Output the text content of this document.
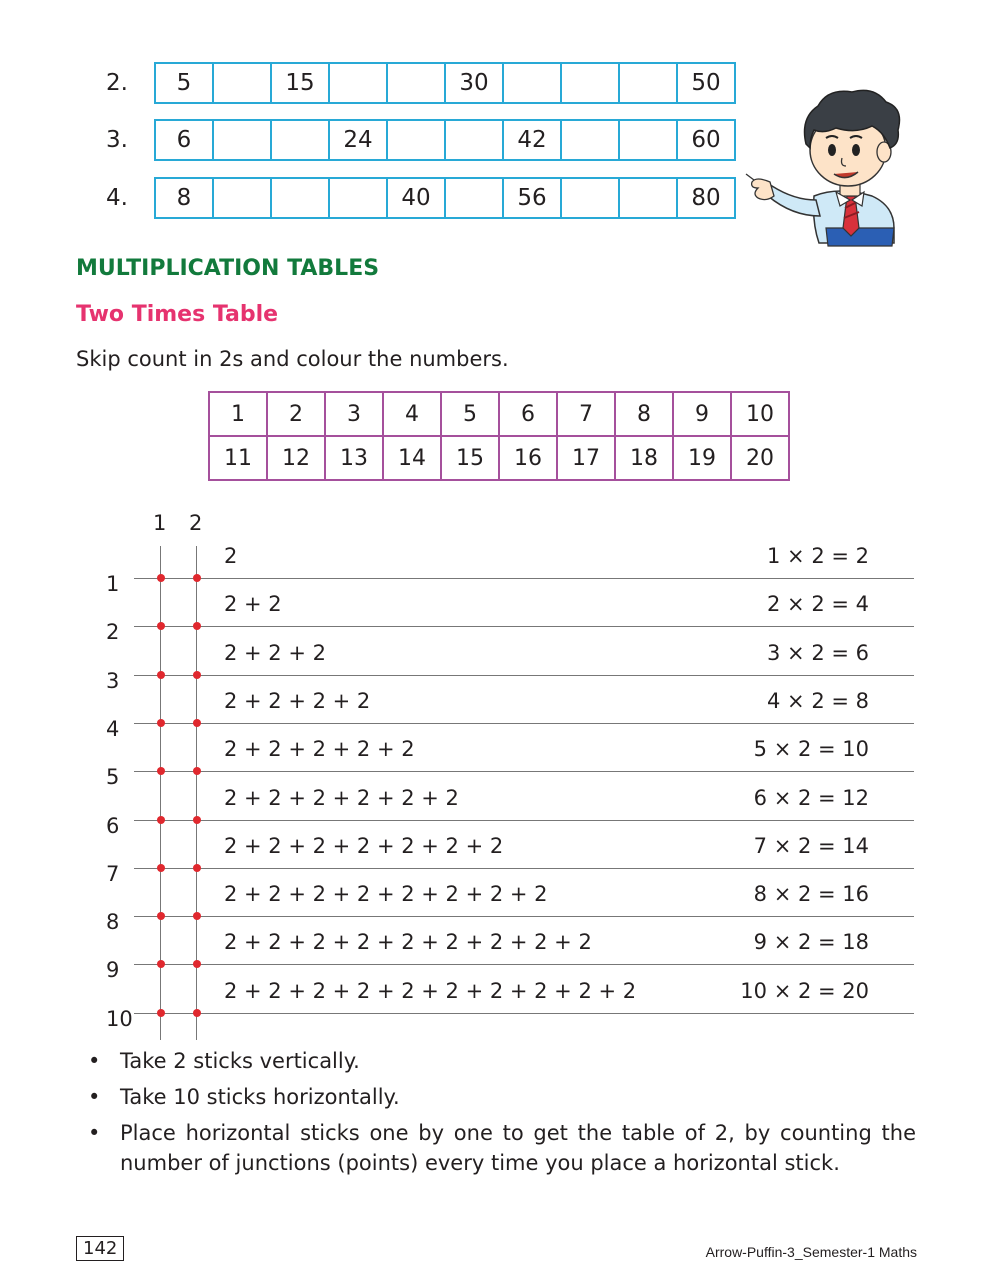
2.	5		15			30				50
3.	6			24			42			60
4.	8				40		56			80
MULTIPLICATION TABLES
Two Times Table
Skip count in 2s and colour the numbers.
1	2	3	4	5	6	7	8	9	10
11	12	13	14	15	16	17	18	19	20
1 2
1
2	1 × 2 = 2
2
2 + 2	2 × 2 = 4
3
2 + 2 + 2	3 × 2 = 6
4
2 + 2 + 2 + 2	4 × 2 = 8
5
2 + 2 + 2 + 2 + 2	5 × 2 = 10
6
2 + 2 + 2 + 2 + 2 + 2	6 × 2 = 12
7
2 + 2 + 2 + 2 + 2 + 2 + 2	7 × 2 = 14
8
2 + 2 + 2 + 2 + 2 + 2 + 2 + 2	8 × 2 = 16
9
2 + 2 + 2 + 2 + 2 + 2 + 2 + 2 + 2	9 × 2 = 18
10
2 + 2 + 2 + 2 + 2 + 2 + 2 + 2 + 2 + 2	10 × 2 = 20
• Take 2 sticks vertically.
• Take 10 sticks horizontally.
• Place horizontal sticks one by one to get the table of 2, by counting the number of junctions (points) every time you place a horizontal stick.
142	Arrow-Puffin-3_Semester-1 Maths
